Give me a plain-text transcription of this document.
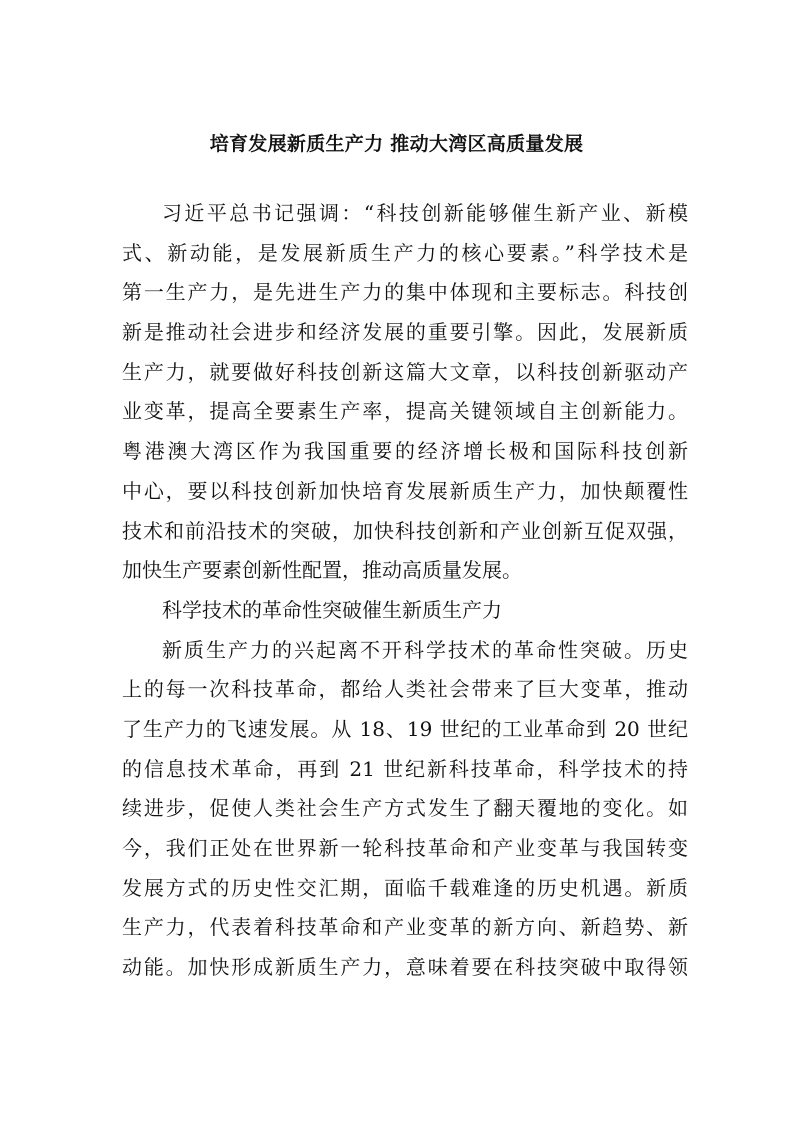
培育发展新质生产力 推动大湾区高质量发展
习近平总书记强调：“科技创新能够催生新产业、新模
式、新动能，是发展新质生产力的核心要素。”科学技术是
第一生产力，是先进生产力的集中体现和主要标志。科技创
新是推动社会进步和经济发展的重要引擎。因此，发展新质
生产力，就要做好科技创新这篇大文章，以科技创新驱动产
业变革，提高全要素生产率，提高关键领域自主创新能力。
粤港澳大湾区作为我国重要的经济增长极和国际科技创新
中心，要以科技创新加快培育发展新质生产力，加快颠覆性
技术和前沿技术的突破，加快科技创新和产业创新互促双强，
加快生产要素创新性配置，推动高质量发展。
科学技术的革命性突破催生新质生产力
新质生产力的兴起离不开科学技术的革命性突破。历史
上的每一次科技革命，都给人类社会带来了巨大变革，推动
了生产力的飞速发展。从 18、19 世纪的工业革命到 20 世纪
的信息技术革命，再到 21 世纪新科技革命，科学技术的持
续进步，促使人类社会生产方式发生了翻天覆地的变化。如
今，我们正处在世界新一轮科技革命和产业变革与我国转变
发展方式的历史性交汇期，面临千载难逢的历史机遇。新质
生产力，代表着科技革命和产业变革的新方向、新趋势、新
动能。加快形成新质生产力，意味着要在科技突破中取得领
